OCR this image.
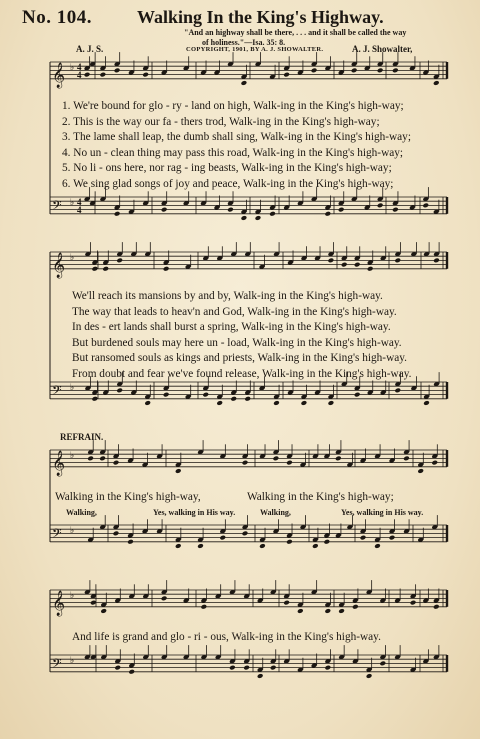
No. 104.	Walking In the King's Highway.
"And an highway shall be there, . . . and it shall be called the way
of holiness."—Isa. 35: 8.
A. J. S.	COPYRIGHT, 1901, BY A. J. SHOWALTER.	A. J. Showalter,
𝄞 ♭ 4
4
𝄢 ♭ 4
4
𝄞 ♭
𝄢 ♭
𝄞 ♭
𝄢 ♭
𝄞 ♭
𝄢 ♭
1. We're bound for glo - ry - land on high, Walk-ing in the King's high-way;
2. This is the way our fa - thers trod, Walk-ing in the King's high-way;
3. The lame shall leap, the dumb shall sing, Walk-ing in the King's high-way;
4. No un - clean thing may pass this road, Walk-ing in the King's high-way;
5. No li - ons here, nor rag - ing beasts, Walk-ing in the King's high-way;
6. We sing glad songs of joy and peace, Walk-ing in the King's high-way;
We'll reach its mansions by and by, Walk-ing in the King's high-way.
The way that leads to heav'n and God, Walk-ing in the King's high-way.
In des - ert lands shall burst a spring, Walk-ing in the King's high-way.
But burdened souls may here un - load, Walk-ing in the King's high-way.
But ransomed souls as kings and priests, Walk-ing in the King's high-way.
From doubt and fear we've found release, Walk-ing in the King's high-way.
REFRAIN.
Walking in the King's high-way,	Walking in the King's high-way;
Walking,	Yes, walking in His way.	Walking,	Yes, walking in His way.
And life is grand and glo - ri - ous, Walk-ing in the King's high-way.
